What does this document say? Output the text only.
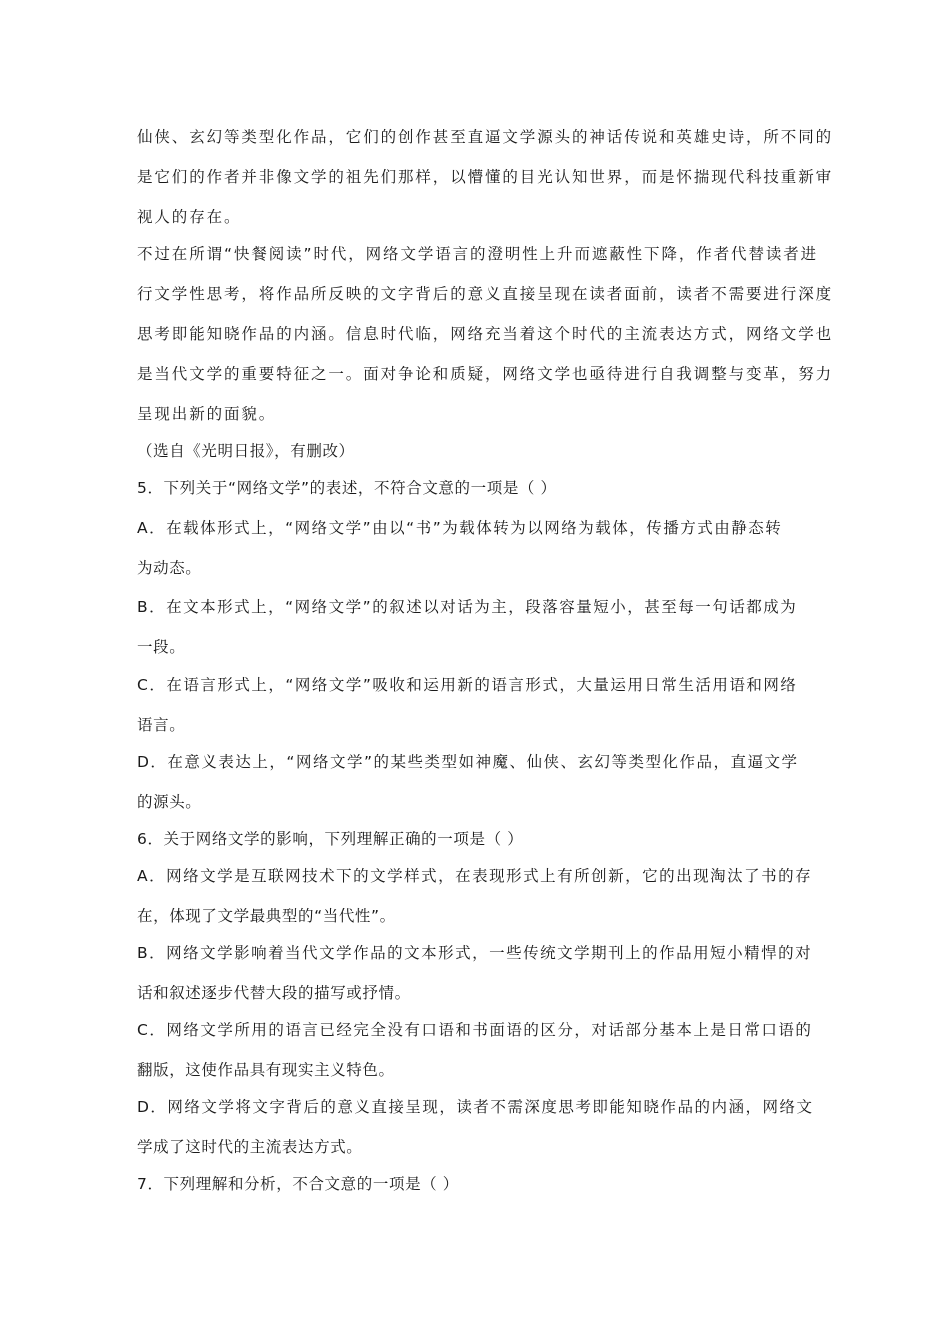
仙侠、玄幻等类型化作品，它们的创作甚至直逼文学源头的神话传说和英雄史诗，所不同的
是它们的作者并非像文学的祖先们那样，以懵懂的目光认知世界，而是怀揣现代科技重新审
视人的存在。
不过在所谓“快餐阅读”时代，网络文学语言的澄明性上升而遮蔽性下降，作者代替读者进
行文学性思考，将作品所反映的文字背后的意义直接呈现在读者面前，读者不需要进行深度
思考即能知晓作品的内涵。信息时代临，网络充当着这个时代的主流表达方式，网络文学也
是当代文学的重要特征之一。面对争论和质疑，网络文学也亟待进行自我调整与变革，努力
呈现出新的面貌。
（选自《光明日报》，有删改）
5．下列关于“网络文学”的表述，不符合文意的一项是（ ）
A．在载体形式上，“网络文学”由以“书”为载体转为以网络为载体，传播方式由静态转
为动态。
B．在文本形式上，“网络文学”的叙述以对话为主，段落容量短小，甚至每一句话都成为
一段。
C．在语言形式上，“网络文学”吸收和运用新的语言形式，大量运用日常生活用语和网络
语言。
D．在意义表达上，“网络文学”的某些类型如神魔、仙侠、玄幻等类型化作品，直逼文学
的源头。
6．关于网络文学的影响，下列理解正确的一项是（ ）
A．网络文学是互联网技术下的文学样式，在表现形式上有所创新，它的出现淘汰了书的存
在，体现了文学最典型的“当代性”。
B．网络文学影响着当代文学作品的文本形式，一些传统文学期刊上的作品用短小精悍的对
话和叙述逐步代替大段的描写或抒情。
C．网络文学所用的语言已经完全没有口语和书面语的区分，对话部分基本上是日常口语的
翻版，这使作品具有现实主义特色。
D．网络文学将文字背后的意义直接呈现，读者不需深度思考即能知晓作品的内涵，网络文
学成了这时代的主流表达方式。
7．下列理解和分析，不合文意的一项是（ ）
